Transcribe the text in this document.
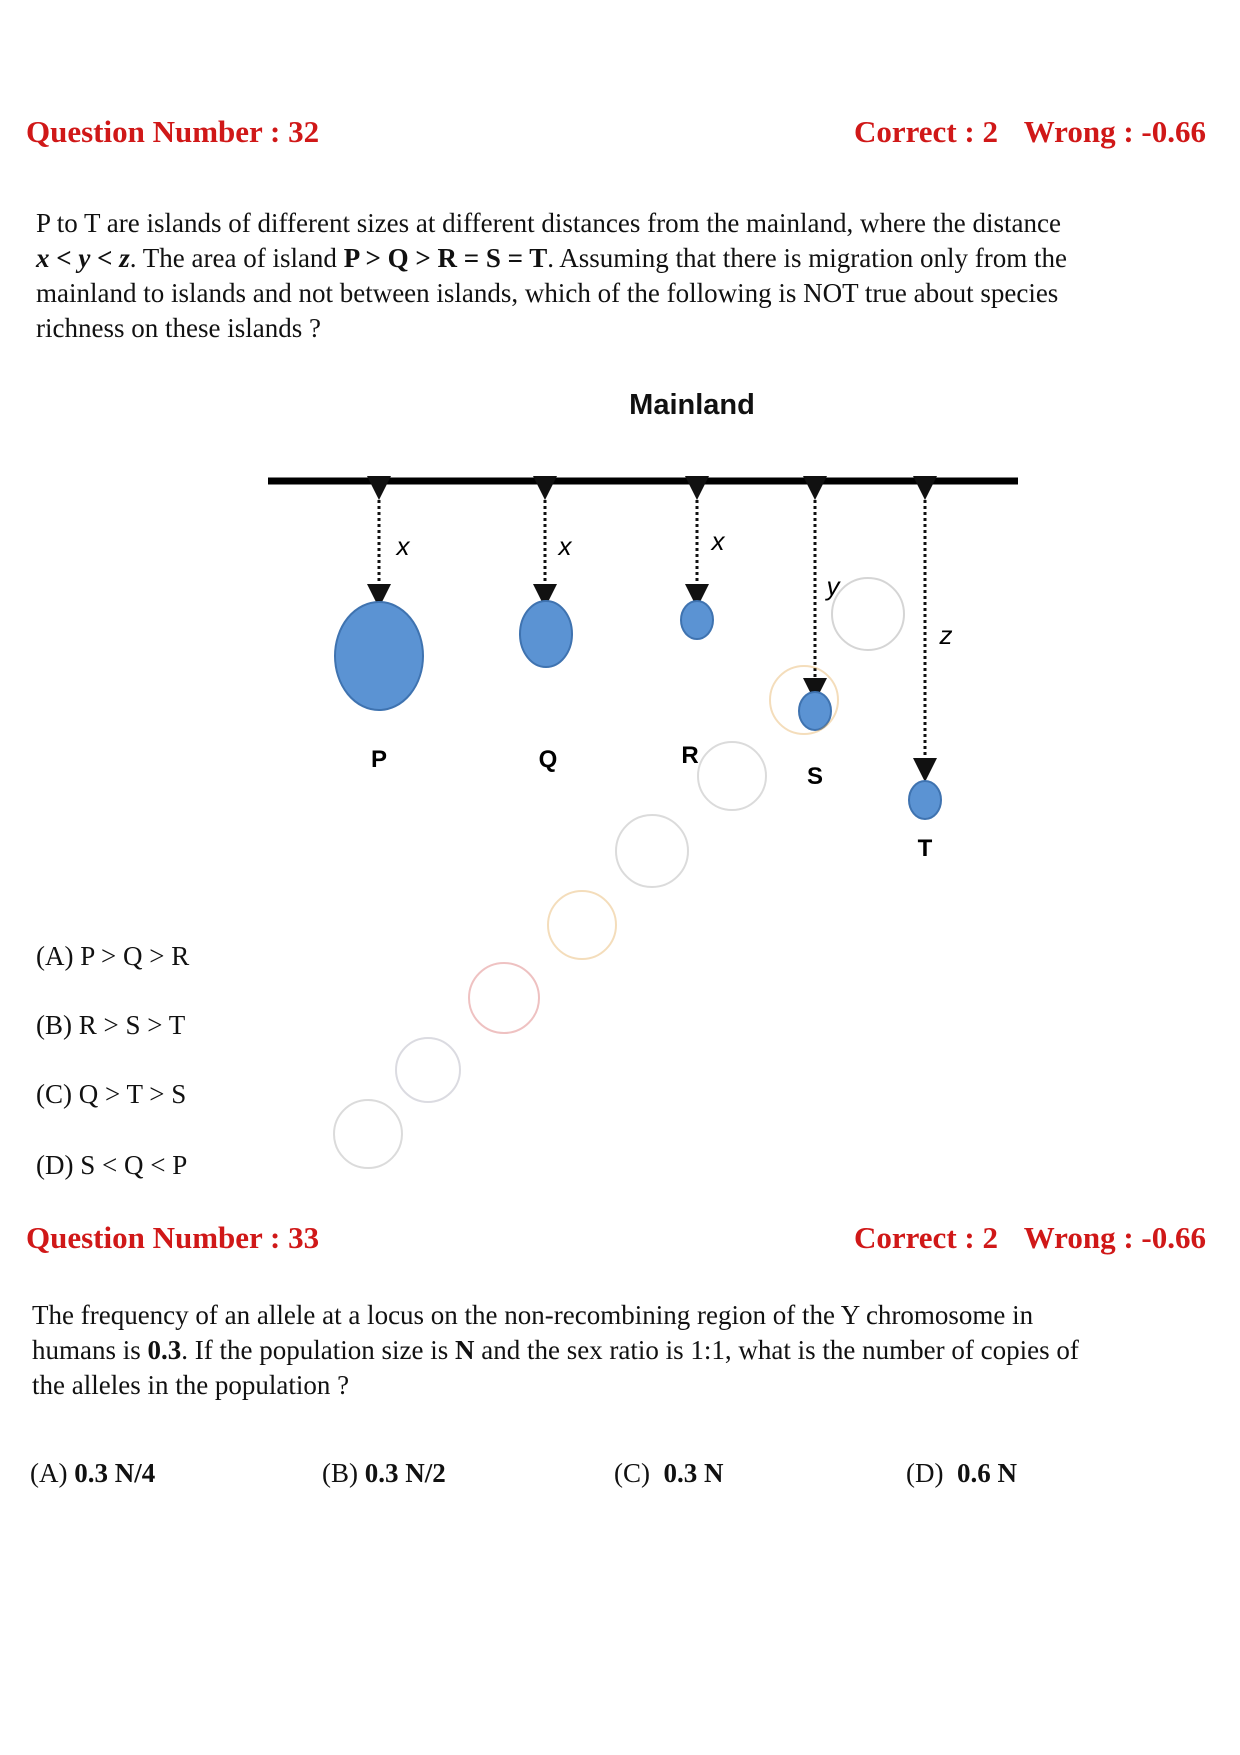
Question Number : 32	Correct : 2 Wrong : -0.66
P to T are islands of different sizes at different distances from the mainland, where the distance
x < y < z. The area of island P > Q > R = S = T. Assuming that there is migration only from the
mainland to islands and not between islands, which of the following is NOT true about species
richness on these islands ?
Mainland
x
P
x
Q
x
R
y
S
z
T
(A) P > Q > R
(B) R > S > T
(C) Q > T > S
(D) S < Q < P
Question Number : 33	Correct : 2 Wrong : -0.66
The frequency of an allele at a locus on the non-recombining region of the Y chromosome in
humans is 0.3. If the population size is N and the sex ratio is 1:1, what is the number of copies of
the alleles in the population ?
(A) 0.3 N/4	(B) 0.3 N/2	(C) 0.3 N	(D) 0.6 N
